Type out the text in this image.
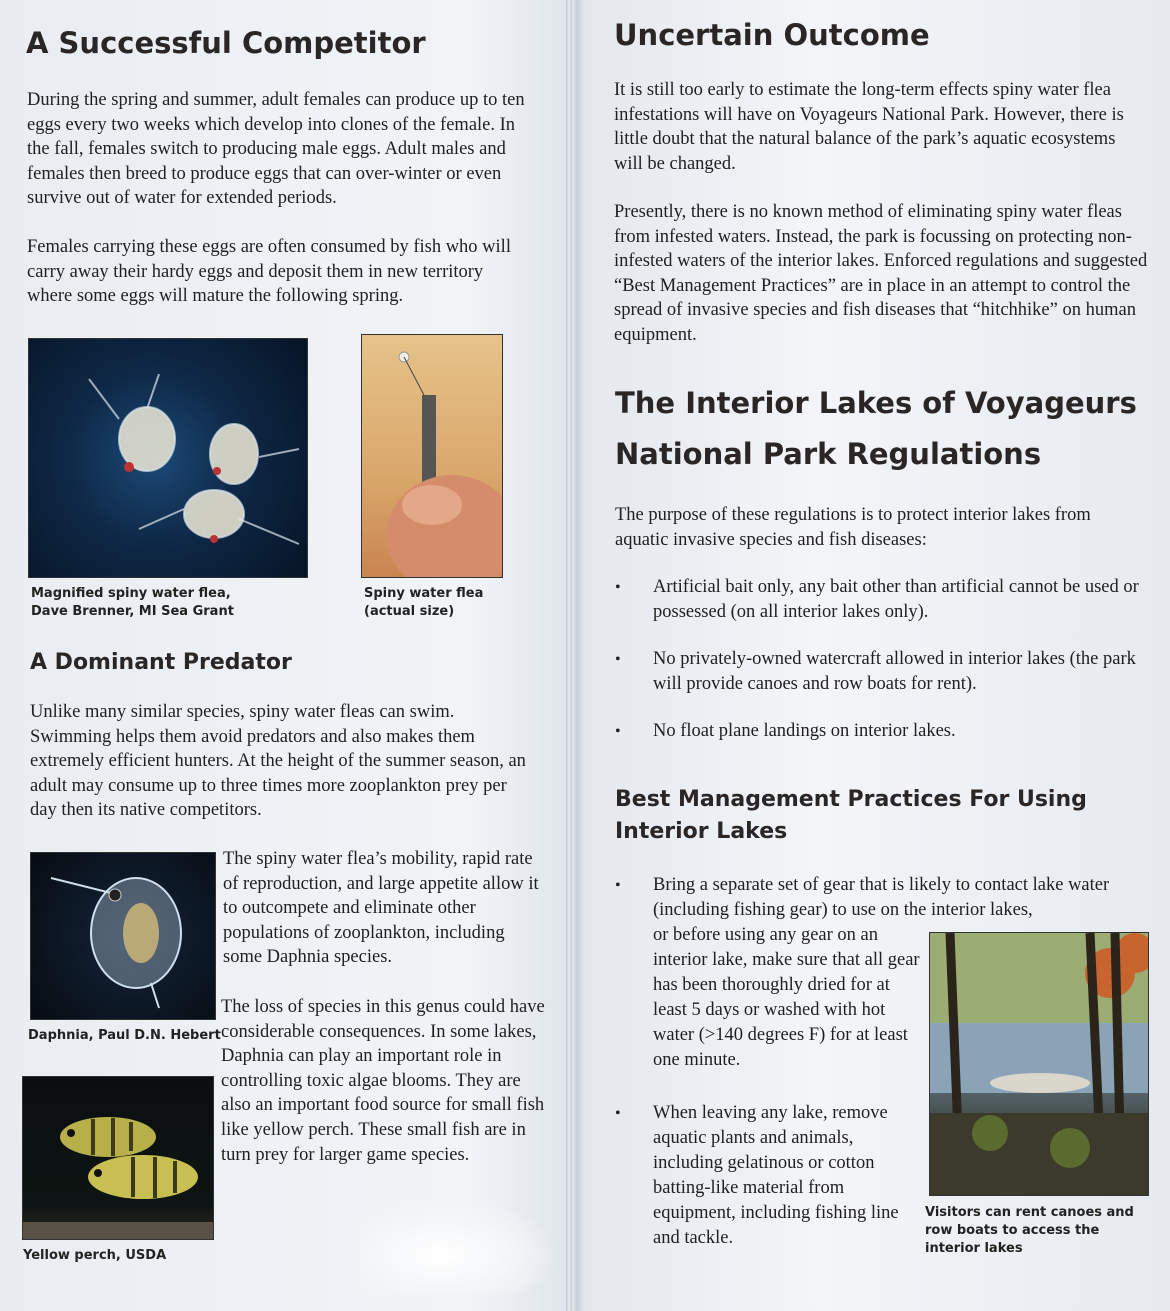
A Successful Competitor

During the spring and summer, adult females can produce up to ten eggs every two weeks which develop into clones of the female. In the fall, females switch to producing male eggs. Adult males and females then breed to produce eggs that can over-winter or even survive out of water for extended periods.

Females carrying these eggs are often consumed by fish who will carry away their hardy eggs and deposit them in new territory where some eggs will mature the following spring.

Magnified spiny water flea,
Dave Brenner, MI Sea Grant
Spiny water flea
(actual size)
A Dominant Predator

Unlike many similar species, spiny water fleas can swim. Swimming helps them avoid predators and also makes them extremely efficient hunters. At the height of the summer season, an adult may consume up to three times more zooplankton prey per day then its native competitors.

The spiny water flea’s mobility, rapid rate of reproduction, and large appetite allow it to outcompete and eliminate other populations of zooplankton, including some Daphnia species.

Daphnia, Paul D.N. Hebert

The loss of species in this genus could have considerable consequences. In some lakes, Daphnia can play an important role in controlling toxic algae blooms. They are also an important food source for small fish like yellow perch. These small fish are in turn prey for larger game species.

Yellow perch, USDA
Uncertain Outcome

It is still too early to estimate the long-term effects spiny water flea infestations will have on Voyageurs National Park. However, there is little doubt that the natural balance of the park’s aquatic ecosystems will be changed.

Presently, there is no known method of eliminating spiny water fleas from infested waters. Instead, the park is focussing on protecting non-infested waters of the interior lakes. Enforced regulations and suggested “Best Management Practices” are in place in an attempt to control the spread of invasive species and fish diseases that “hitchhike” on human equipment.

The Interior Lakes of Voyageurs National Park Regulations

The purpose of these regulations is to protect interior lakes from aquatic invasive species and fish diseases:

• Artificial bait only, any bait other than artificial cannot be used or possessed (on all interior lakes only).
• No privately-owned watercraft allowed in interior lakes (the park will provide canoes and row boats for rent).
• No float plane landings on interior lakes.
Best Management Practices For Using Interior Lakes
• Bring a separate set of gear that is likely to contact lake water (including fishing gear) to use on the interior lakes,
or before using any gear on an interior lake, make sure that all gear has been thoroughly dried for at least 5 days or washed with hot water (>140 degrees F) for at least one minute.
• When leaving any lake, remove aquatic plants and animals, including gelatinous or cotton batting-like material from equipment, including fishing line and tackle.
Visitors can rent canoes and row boats to access the interior lakes
